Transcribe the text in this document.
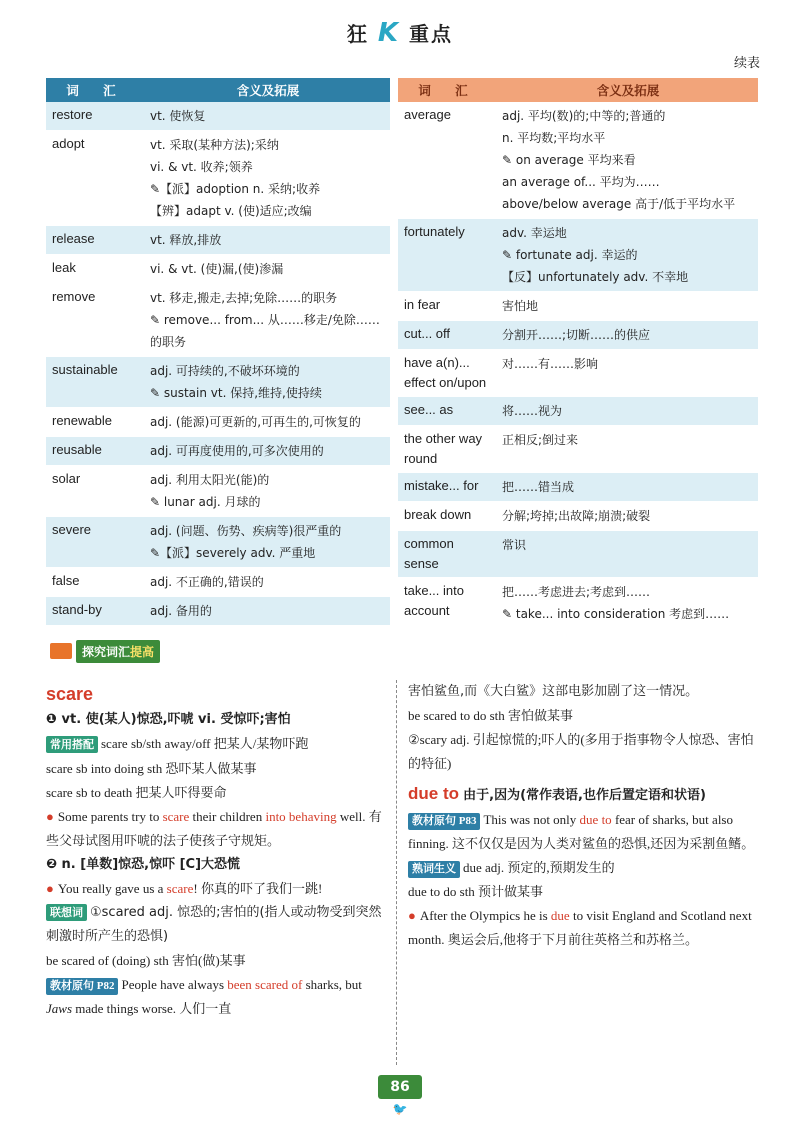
狂 K 重点
续表
词 汇	含义及拓展
restore	vt. 使恢复
adopt	vt. 采取(某种方法);采纳
vi. & vt. 收养;领养
✎【派】adoption n. 采纳;收养
【辨】adapt v. (使)适应;改编
release	vt. 释放,排放
leak	vi. & vt. (使)漏,(使)渗漏
remove	vt. 移走,搬走,去掉;免除……的职务
✎ remove... from... 从……移走/免除……
的职务
sustainable	adj. 可持续的,不破坏环境的
✎ sustain vt. 保持,维持,使持续
renewable	adj. (能源)可更新的,可再生的,可恢复的
reusable	adj. 可再度使用的,可多次使用的
solar	adj. 利用太阳光(能)的
✎ lunar adj. 月球的
severe	adj. (问题、伤势、疾病等)很严重的
✎【派】severely adv. 严重地
false	adj. 不正确的,错误的
stand-by	adj. 备用的
词 汇	含义及拓展
average	adj. 平均(数)的;中等的;普通的
n. 平均数;平均水平
✎ on average 平均来看
an average of... 平均为……
above/below average 高于/低于平均水平
fortunately	adv. 幸运地
✎ fortunate adj. 幸运的
【反】unfortunately adv. 不幸地
in fear	害怕地
cut... off	分割开……;切断……的供应
have a(n)... effect on/upon
对……有……影响
see... as	将……视为
the other way round
正相反;倒过来
mistake... for	把……错当成
break down	分解;垮掉;出故障;崩溃;破裂
common sense
常识
take... into account
把……考虑进去;考虑到……
✎ take... into consideration 考虑到……
探究词汇提高
scare
❶ vt. 使(某人)惊恐,吓唬 vi. 受惊吓;害怕
常用搭配 scare sb/sth away/off 把某人/某物吓跑
scare sb into doing sth 恐吓某人做某事
scare sb to death 把某人吓得要命
● Some parents try to scare their children into behaving well. 有些父母试图用吓唬的法子使孩子守规矩。
❷ n. [单数]惊恐,惊吓 [C]大恐慌
● You really gave us a scare! 你真的吓了我们一跳!
联想词 ①scared adj. 惊恐的;害怕的(指人或动物受到突然刺激时所产生的恐惧)
be scared of (doing) sth 害怕(做)某事
教材原句 P82 People have always been scared of sharks, but Jaws made things worse. 人们一直
害怕鲨鱼,而《大白鲨》这部电影加剧了这一情况。
be scared to do sth 害怕做某事
②scary adj. 引起惊慌的;吓人的(多用于指事物令人惊恐、害怕的特征)
due to 由于,因为(常作表语,也作后置定语和状语)
教材原句 P83 This was not only due to fear of sharks, but also finning. 这不仅仅是因为人类对鲨鱼的恐惧,还因为采割鱼鳍。
熟词生义 due adj. 预定的,预期发生的
due to do sth 预计做某事
● After the Olympics he is due to visit England and Scotland next month. 奥运会后,他将于下月前往英格兰和苏格兰。
86
🐦
